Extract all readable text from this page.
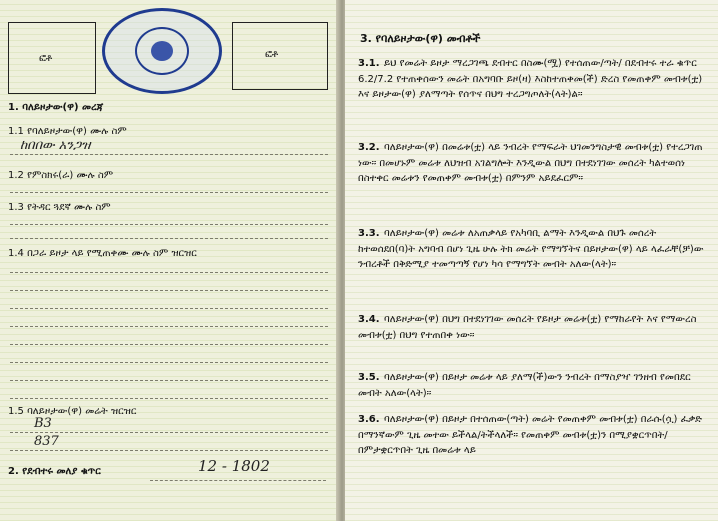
ፎቶ	ፎቶ
1. ባለይዞታው(ዋ) መረጃ
1.1 የባለይዞታው(ዋ) ሙሉ ስም
ከበበው አንጋዝ
1.2 የምስክሩ(ራ) ሙሉ ስም
1.3 የትዳር ጓደኛ ሙሉ ስም
1.4 በጋራ ይዞታ ላይ የሚጠቀሙ ሙሉ ስም ዝርዝር
1.5 ባለይዞታው(ዋ) መሬት ዝርዝር
B3
837
2. የደብተሩ መለያ ቁጥር	12 - 1802
3. የባለይዞታው(ዋ) መብቶች
3.1. ይህ የመሬት ይዞታ ማረጋገጫ ደብተር በስሙ(ሟ) የተሰጠው/ጣት/ በደብተሩ ተራ ቁጥር 6.2/7.2 የተጠቀሰውን መሬት በአግባቡ ይዞ(ዛ) እስከተጠቀመ(ች) ድረስ የመጠቀም መብቱ(ቷ) እና ይዞታው(ዋ) ያለማጣት የሰጥና በህግ ተረጋግጦለት(ላት)ል።
3.2. ባለይዞታው(ዋ) በመሬቱ(ቷ) ላይ ንብረት የማፍራት ህገመንግስታዊ መብቱ(ቷ) የተረጋገጠ ነው። በመሆኑም መሬቱ ለህዝብ አገልግሎት እንዲውል በህግ በተደነገገው መሰረት ካልተወሰነ በስተቀር መሬቱን የመጠቀም መብቱ(ቷ) በምንም አይደፈርም።
3.3. ባለይዞታው(ዋ) መሬቱ ለአጠቃላይ የአካባቢ ልማት እንዲውል በህጉ መሰረት ከተወሰደበ(ባ)ት አግባብ በሆነ ጊዜ ሁሉ ትክ መሬት የማግኘትና በይዞታው(ዋ) ላይ ላፈራቸ(ቻ)ው ንብረቶች በቅድሚያ ተመጣጣኝ የሆነ ካሳ የማግኘት መብት አለው(ላት)።
3.4. ባለይዞታው(ዋ) በህግ በተደነገገው መሰረት የይዞታ መሬቱ(ቷ) የማከራየት እና የማውረስ መብቱ(ቷ) በህግ የተጠበቀ ነው።
3.5. ባለይዞታው(ዋ) በይዞታ መሬቱ ላይ ያለማ(ች)ውን ንብረት በማስያዣ ገንዘብ የመበደር መብት አለው(ላት)።
3.6. ባለይዞታው(ዋ) በይዞታ በተሰጠው(ጣት) መሬት የመጠቀም መብቱ(ቷ) በራሱ(ሷ) ፈቃድ በማንኛውም ጊዜ መተው ይችላል/ትችላለች። የመጠቀም መብቱ(ቷ)ን በሚያቋርጥበት/በምታቋርጥበት ጊዜ በመሬቱ ላይ
